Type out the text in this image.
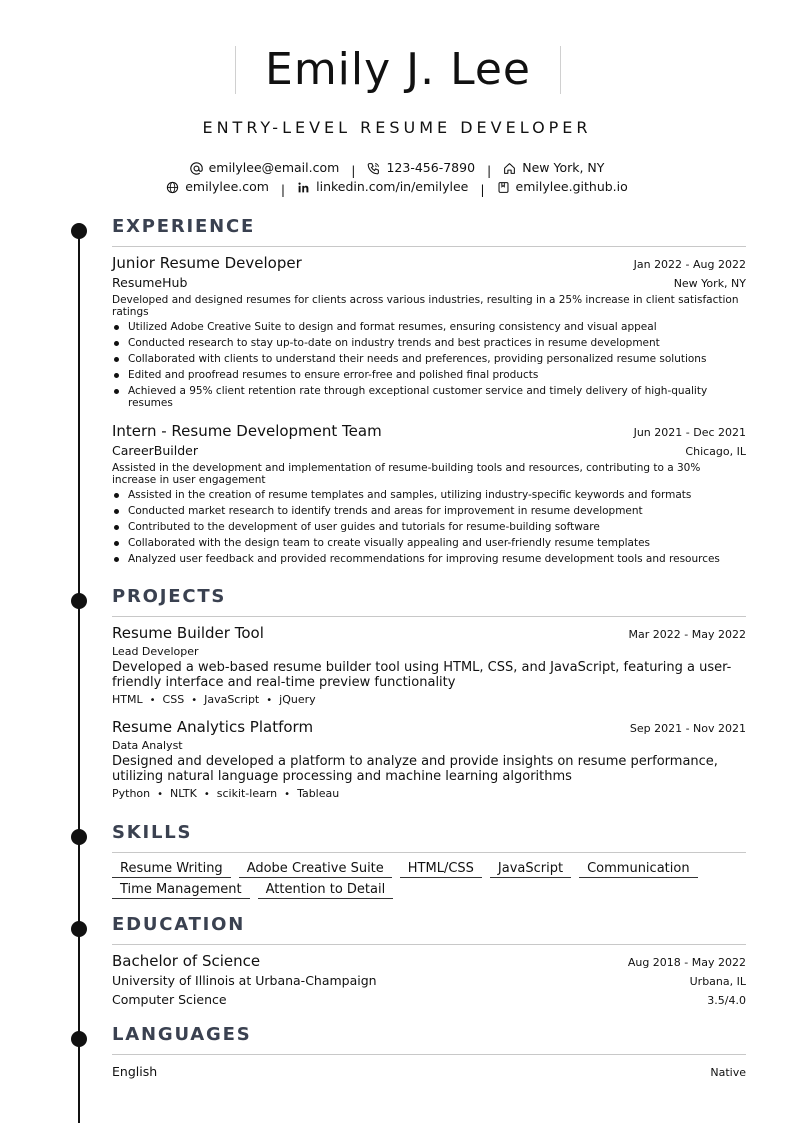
Emily J. Lee
ENTRY-LEVEL RESUME DEVELOPER
emilylee@email.com | 123-456-7890 | New York, NY
emilylee.com | linkedin.com/in/emilylee | emilylee.github.io
EXPERIENCE
Junior Resume Developer	Jan 2022 - Aug 2022
ResumeHub	New York, NY
Developed and designed resumes for clients across various industries, resulting in a 25% increase in client satisfaction ratings
Utilized Adobe Creative Suite to design and format resumes, ensuring consistency and visual appeal
Conducted research to stay up-to-date on industry trends and best practices in resume development
Collaborated with clients to understand their needs and preferences, providing personalized resume solutions
Edited and proofread resumes to ensure error-free and polished final products
Achieved a 95% client retention rate through exceptional customer service and timely delivery of high-quality resumes
Intern - Resume Development Team	Jun 2021 - Dec 2021
CareerBuilder	Chicago, IL
Assisted in the development and implementation of resume-building tools and resources, contributing to a 30% increase in user engagement
Assisted in the creation of resume templates and samples, utilizing industry-specific keywords and formats
Conducted market research to identify trends and areas for improvement in resume development
Contributed to the development of user guides and tutorials for resume-building software
Collaborated with the design team to create visually appealing and user-friendly resume templates
Analyzed user feedback and provided recommendations for improving resume development tools and resources
PROJECTS
Resume Builder Tool	Mar 2022 - May 2022
Lead Developer
Developed a web-based resume builder tool using HTML, CSS, and JavaScript, featuring a user-friendly interface and real-time preview functionality
HTML • CSS • JavaScript • jQuery
Resume Analytics Platform	Sep 2021 - Nov 2021
Data Analyst
Designed and developed a platform to analyze and provide insights on resume performance, utilizing natural language processing and machine learning algorithms
Python • NLTK • scikit-learn • Tableau
SKILLS
Resume Writing	Adobe Creative Suite	HTML/CSS	JavaScript	Communication
Time Management	Attention to Detail
EDUCATION
Bachelor of Science	Aug 2018 - May 2022
University of Illinois at Urbana-Champaign	Urbana, IL
Computer Science	3.5/4.0
LANGUAGES
English	Native
